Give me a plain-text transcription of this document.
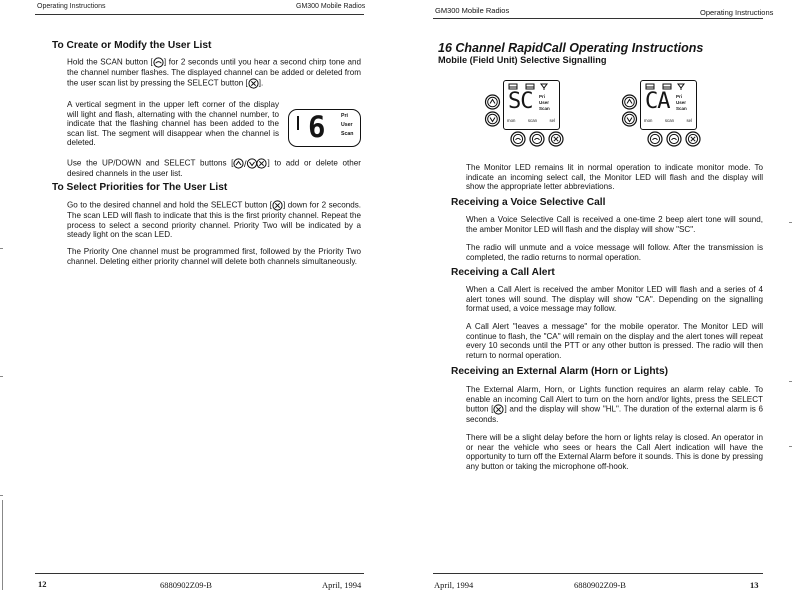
Operating Instructions	GM300 Mobile Radios
To Create or Modify the User List

Hold the SCAN button [ ] for 2 seconds until you hear a second chirp tone and the channel number flashes. The displayed channel can be added or deleted from the user scan list by pressing the SELECT button [ ].

A vertical segment in the upper left corner of the display will light and flash, alternating with the channel number, to indicate that the flashing channel has been added to the scan list. The segment will disappear when the channel is deleted.	6	Pri
User
Scan

Use the UP/DOWN and SELECT buttons [ / , ] to add or delete other desired channels in the user list.

To Select Priorities for The User List

Go to the desired channel and hold the SELECT button [ ] down for 2 seconds. The scan LED will flash to indicate that this is the first priority channel. Repeat the process to select a second priority channel. Priority Two will be indicated by a steady light on the scan LED.

The Priority One channel must be programmed first, followed by the Priority Two channel. Deleting either priority channel will delete both channels simultaneously.

12	6880902Z09-B	April, 1994
GM300 Mobile Radios	Operating Instructions
16 Channel RapidCall Operating Instructions
Mobile (Field Unit) Selective Signalling
SC Pri
User
Scan
mon	scan	sel
CA Pri
User
Scan
mon	scan	sel

The Monitor LED remains lit in normal operation to indicate monitor mode. To indicate an incoming select call, the Monitor LED will flash and the display will show the appropriate letter abbreviations.

Receiving a Voice Selective Call

When a Voice Selective Call is received a one-time 2 beep alert tone will sound, the amber Monitor LED will flash and the display will show "SC".

The radio will unmute and a voice message will follow. After the transmission is completed, the radio returns to normal operation.

Receiving a Call Alert

When a Call Alert is received the amber Monitor LED will flash and a series of 4 alert tones will sound. The display will show "CA". Depending on the signalling format used, a voice message may follow.

A Call Alert "leaves a message" for the mobile operator. The Monitor LED will continue to flash, the "CA" will remain on the display and the alert tones will repeat every 10 seconds until the PTT or any other button is pressed. The radio will then return to normal operation.

Receiving an External Alarm (Horn or Lights)

The External Alarm, Horn, or Lights function requires an alarm relay cable. To enable an incoming Call Alert to turn on the horn and/or lights, press the SELECT button [ ] and the display will show "HL". The duration of the external alarm is 6 seconds.

There will be a slight delay before the horn or lights relay is closed. An operator in or near the vehicle who sees or hears the Call Alert indication will have the opportunity to turn off the External Alarm before it sounds. This is done by pressing any button or taking the microphone off-hook.

April, 1994	6880902Z09-B	13
